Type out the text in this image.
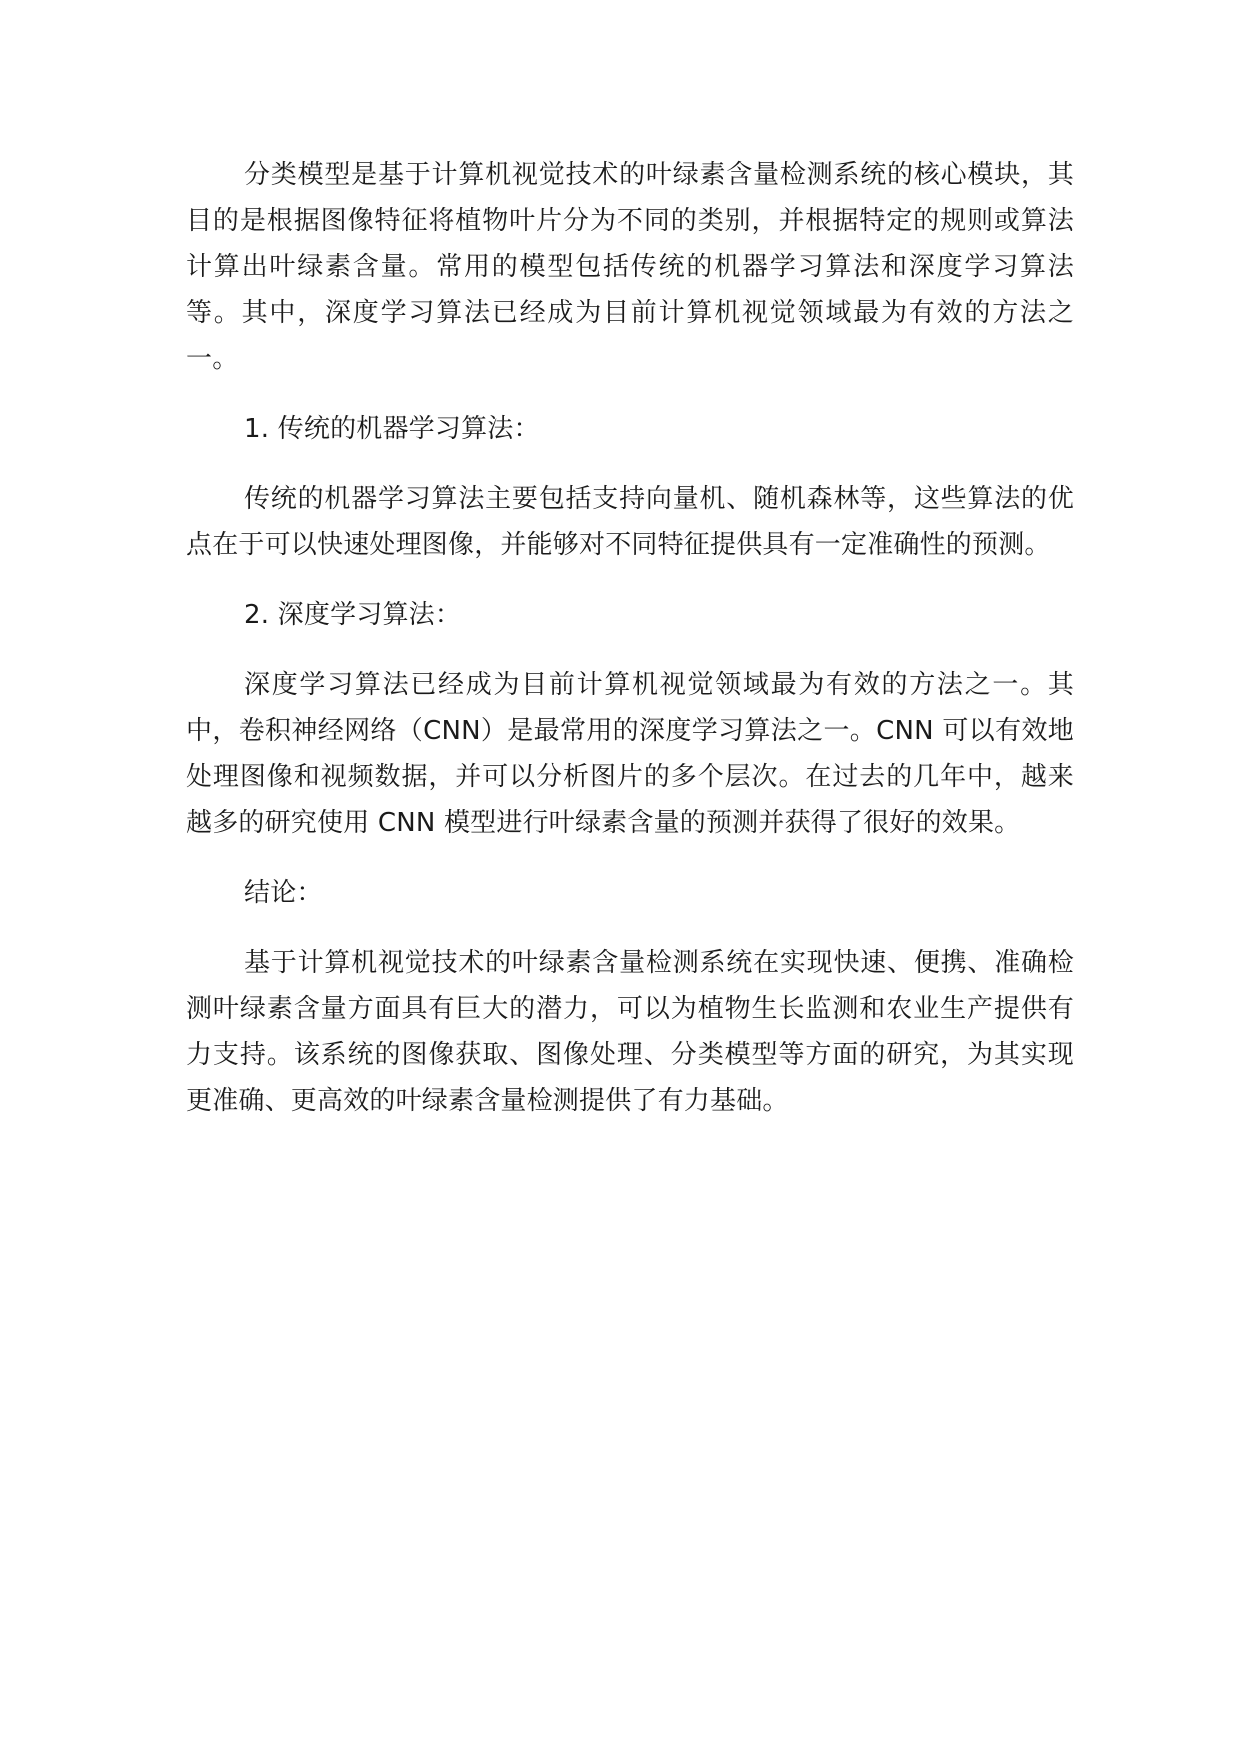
分类模型是基于计算机视觉技术的叶绿素含量检测系统的核心模块，其目的是根据图像特征将植物叶片分为不同的类别，并根据特定的规则或算法计算出叶绿素含量。常用的模型包括传统的机器学习算法和深度学习算法等。其中，深度学习算法已经成为目前计算机视觉领域最为有效的方法之一。

1. 传统的机器学习算法：

传统的机器学习算法主要包括支持向量机、随机森林等，这些算法的优点在于可以快速处理图像，并能够对不同特征提供具有一定准确性的预测。

2. 深度学习算法：

深度学习算法已经成为目前计算机视觉领域最为有效的方法之一。其中，卷积神经网络（CNN）是最常用的深度学习算法之一。CNN 可以有效地处理图像和视频数据，并可以分析图片的多个层次。在过去的几年中，越来越多的研究使用 CNN 模型进行叶绿素含量的预测并获得了很好的效果。

结论：

基于计算机视觉技术的叶绿素含量检测系统在实现快速、便携、准确检测叶绿素含量方面具有巨大的潜力，可以为植物生长监测和农业生产提供有力支持。该系统的图像获取、图像处理、分类模型等方面的研究，为其实现更准确、更高效的叶绿素含量检测提供了有力基础。
